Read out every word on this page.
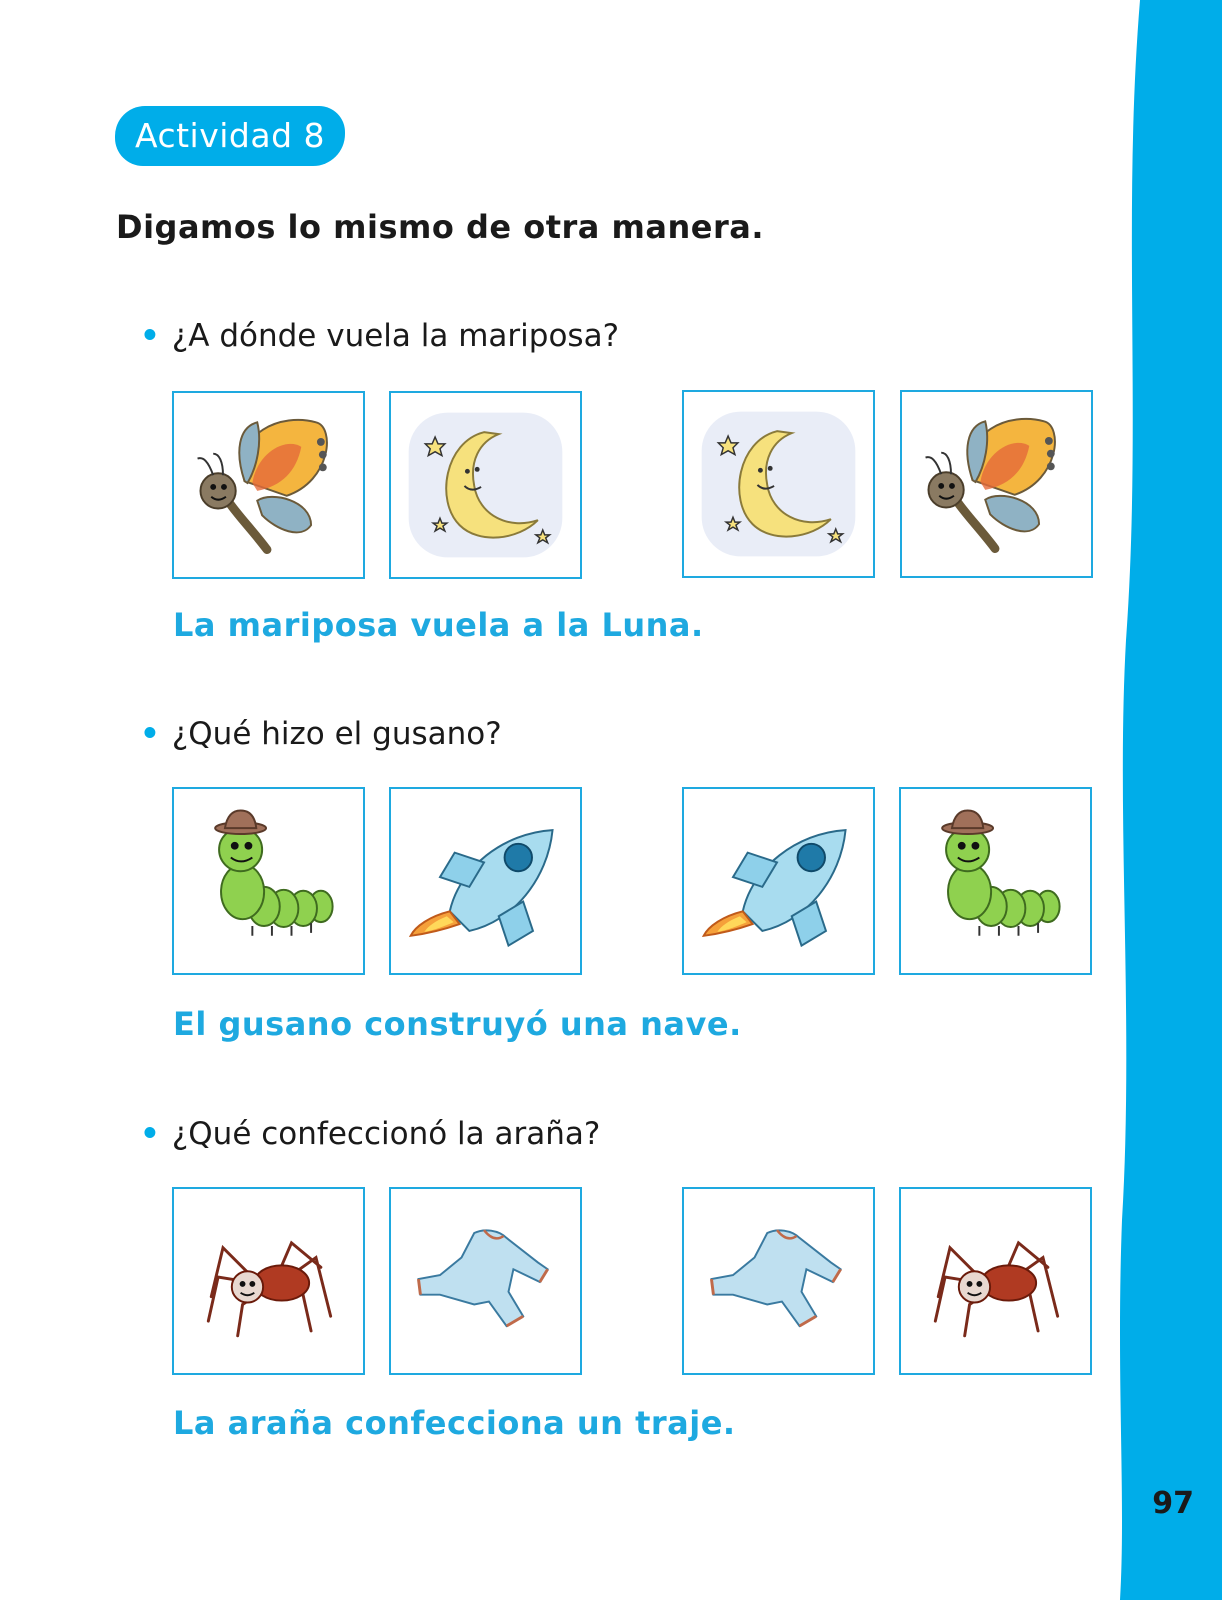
Actividad 8
Digamos lo mismo de otra manera.
• ¿A dónde vuela la mariposa?
La mariposa vuela a la Luna.
• ¿Qué hizo el gusano?
El gusano construyó una nave.
• ¿Qué confeccionó la araña?
La araña confecciona un traje.
97
